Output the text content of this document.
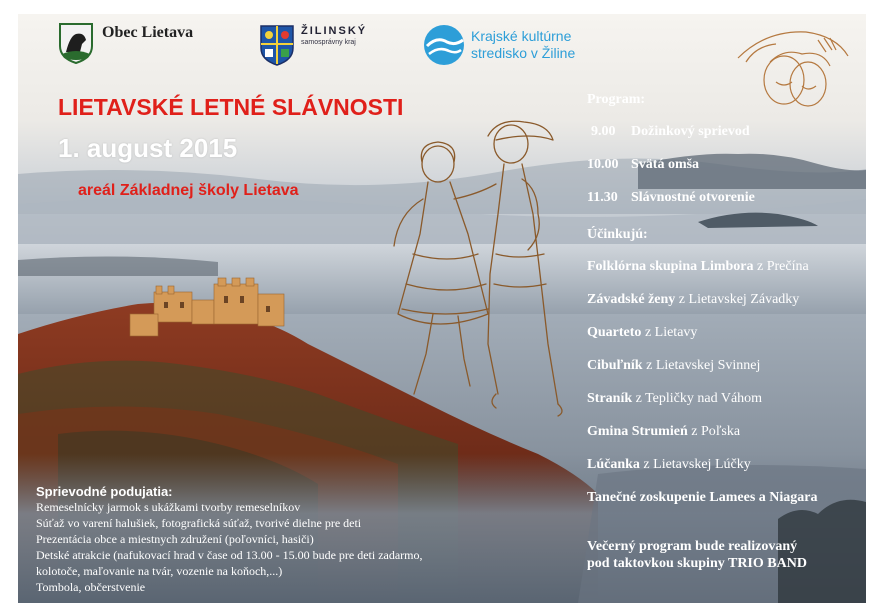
Obec Lietava	ŽILINSKÝ
samosprávny kraj	Krajské kultúrne
stredisko v Žiline
LIETAVSKÉ LETNÉ SLÁVNOSTI
1. august 2015
areál Základnej školy Lietava
Program:
9.00 Dožinkový sprievod
10.00 Svätá omša
11.30 Slávnostné otvorenie
Účinkujú:
Folklórna skupina Limbora z Prečína
Závadské ženy z Lietavskej Závadky
Quarteto z Lietavy
Cibuľník z Lietavskej Svinnej
Straník z Tepličky nad Váhom
Gmina Strumień z Poľska
Lúčanka z Lietavskej Lúčky
Tanečné zoskupenie Lamees a Niagara
Večerný program bude realizovaný
pod taktovkou skupiny TRIO BAND
Sprievodné podujatia:
Remeselnícky jarmok s ukážkami tvorby remeselníkov
Súťaž vo varení halušiek, fotografická súťaž, tvorivé dielne pre deti
Prezentácia obce a miestnych združení (poľovníci, hasiči)
Detské atrakcie (nafukovací hrad v čase od 13.00 - 15.00 bude pre deti zadarmo,
kolotoče, maľovanie na tvár, vozenie na koňoch,...)
Tombola, občerstvenie
